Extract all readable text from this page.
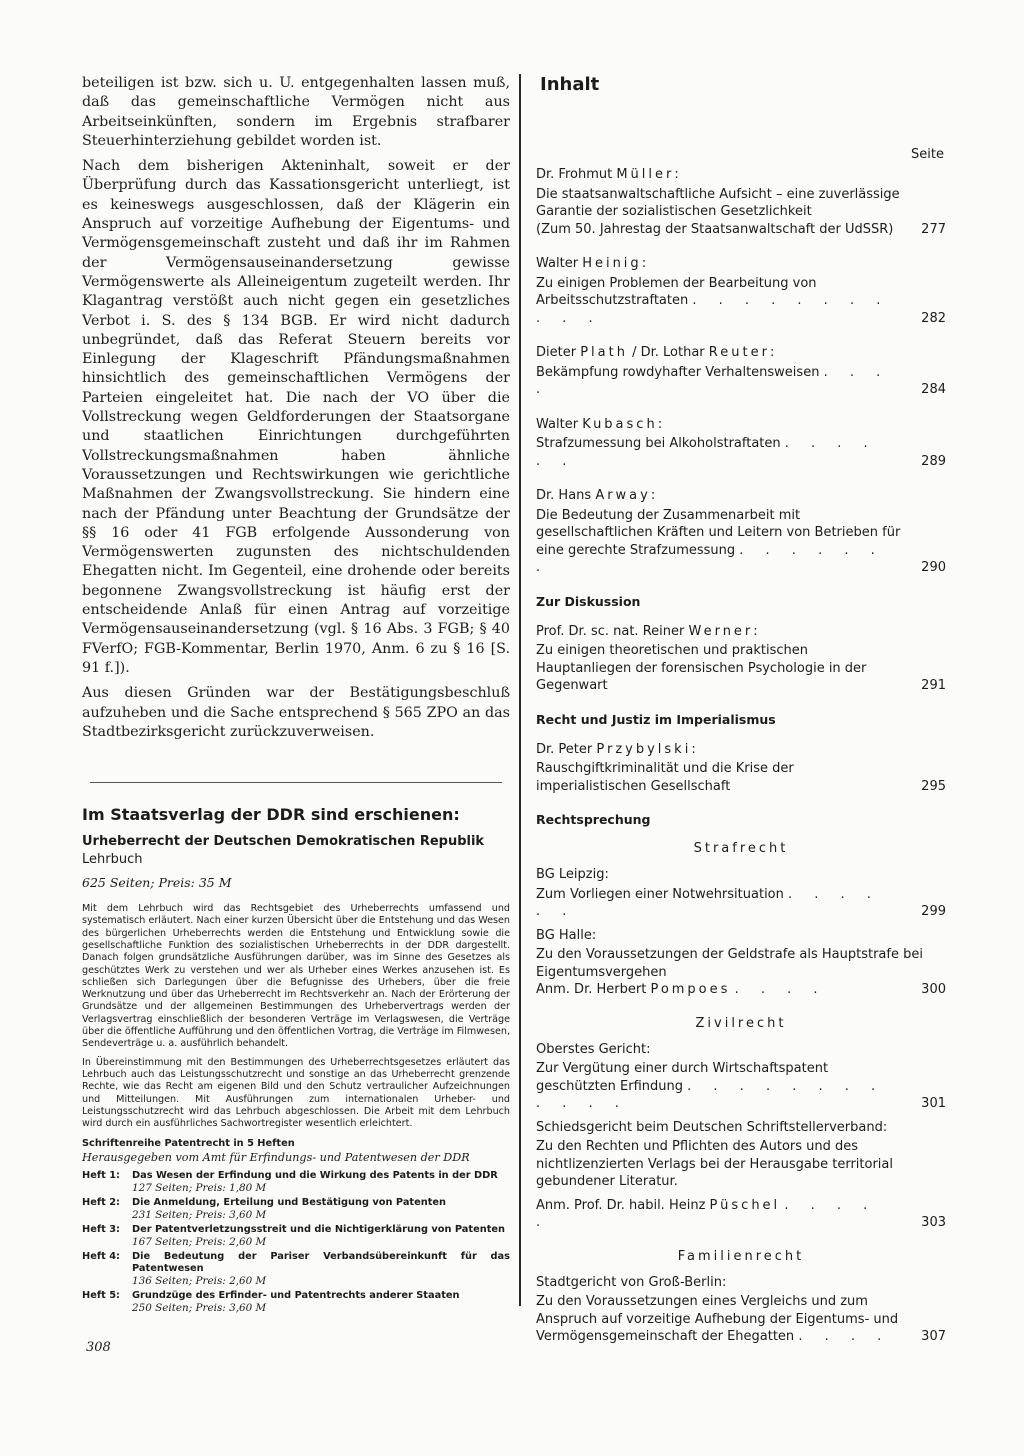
beteiligen ist bzw. sich u. U. entgegenhalten lassen muß, daß das gemeinschaftliche Vermögen nicht aus Arbeitseinkünften, sondern im Ergebnis strafbarer Steuerhinterziehung gebildet worden ist.

Nach dem bisherigen Akteninhalt, soweit er der Überprüfung durch das Kassationsgericht unterliegt, ist es keineswegs ausgeschlossen, daß der Klägerin ein Anspruch auf vorzeitige Aufhebung der Eigentums- und Vermögensgemeinschaft zusteht und daß ihr im Rahmen der Vermögensauseinandersetzung gewisse Vermögenswerte als Alleineigentum zugeteilt werden. Ihr Klagantrag verstößt auch nicht gegen ein gesetzliches Verbot i. S. des § 134 BGB. Er wird nicht dadurch unbegründet, daß das Referat Steuern bereits vor Einlegung der Klageschrift Pfändungsmaßnahmen hinsichtlich des gemeinschaftlichen Vermögens der Parteien eingeleitet hat. Die nach der VO über die Vollstreckung wegen Geldforderungen der Staatsorgane und staatlichen Einrichtungen durchgeführten Vollstreckungsmaßnahmen haben ähnliche Voraussetzungen und Rechtswirkungen wie gerichtliche Maßnahmen der Zwangsvollstreckung. Sie hindern eine nach der Pfändung unter Beachtung der Grundsätze der §§ 16 oder 41 FGB erfolgende Aussonderung von Vermögenswerten zugunsten des nichtschuldenden Ehegatten nicht. Im Gegenteil, eine drohende oder bereits begonnene Zwangsvollstreckung ist häufig erst der entscheidende Anlaß für einen Antrag auf vorzeitige Vermögensauseinandersetzung (vgl. § 16 Abs. 3 FGB; § 40 FVerfO; FGB-Kommentar, Berlin 1970, Anm. 6 zu § 16 [S. 91 f.]).

Aus diesen Gründen war der Bestätigungsbeschluß aufzuheben und die Sache entsprechend § 565 ZPO an das Stadtbezirksgericht zurückzuverweisen.

Im Staatsverlag der DDR sind erschienen:
Urheberrecht der Deutschen Demokratischen Republik
Lehrbuch
625 Seiten; Preis: 35 M
Mit dem Lehrbuch wird das Rechtsgebiet des Urheberrechts umfassend und systematisch erläutert. Nach einer kurzen Übersicht über die Entstehung und das Wesen des bürgerlichen Urheberrechts werden die Entstehung und Entwicklung sowie die gesellschaftliche Funktion des sozialistischen Urheberrechts in der DDR dargestellt. Danach folgen grundsätzliche Ausführungen darüber, was im Sinne des Gesetzes als geschütztes Werk zu verstehen und wer als Urheber eines Werkes anzusehen ist. Es schließen sich Darlegungen über die Befugnisse des Urhebers, über die freie Werknutzung und über das Urheberrecht im Rechtsverkehr an. Nach der Erörterung der Grundsätze und der allgemeinen Bestimmungen des Urhebervertrags werden der Verlagsvertrag einschließlich der besonderen Verträge im Verlagswesen, die Verträge über die öffentliche Aufführung und den öffentlichen Vortrag, die Verträge im Filmwesen, Sendeverträge u. a. ausführlich behandelt.
In Übereinstimmung mit den Bestimmungen des Urheberrechtsgesetzes erläutert das Lehrbuch auch das Leistungsschutzrecht und sonstige an das Urheberrecht grenzende Rechte, wie das Recht am eigenen Bild und den Schutz vertraulicher Aufzeichnungen und Mitteilungen. Mit Ausführungen zum internationalen Urheber- und Leistungsschutzrecht wird das Lehrbuch abgeschlossen. Die Arbeit mit dem Lehrbuch wird durch ein ausführliches Sachwortregister wesentlich erleichtert.
Schriftenreihe Patentrecht in 5 Heften
Herausgegeben vom Amt für Erfindungs- und Patentwesen der DDR
Heft 1:	Das Wesen der Erfindung und die Wirkung des Patents in der DDR
127 Seiten; Preis: 1,80 M
Heft 2:	Die Anmeldung, Erteilung und Bestätigung von Patenten
231 Seiten; Preis: 3,60 M
Heft 3:	Der Patentverletzungsstreit und die Nichtigerklärung von Patenten
167 Seiten; Preis: 2,60 M
Heft 4:	Die Bedeutung der Pariser Verbandsübereinkunft für das Patentwesen
136 Seiten; Preis: 2,60 M
Heft 5:	Grundzüge des Erfinder- und Patentrechts anderer Staaten
250 Seiten; Preis: 3,60 M
308
Inhalt
Seite
Dr. Frohmut Müller:
Die staatsanwaltschaftliche Aufsicht – eine zuverlässige Garantie der sozialistischen Gesetzlichkeit
(Zum 50. Jahrestag der Staatsanwaltschaft der UdSSR)	277
Walter Heinig:
Zu einigen Problemen der Bearbeitung von Arbeitsschutzstraftaten . . . . . . . . . . .	282
Dieter Plath / Dr. Lothar Reuter:
Bekämpfung rowdyhafter Verhaltensweisen . . . .	284
Walter Kubasch:
Strafzumessung bei Alkoholstraftaten . . . . . .	289
Dr. Hans Arway:
Die Bedeutung der Zusammenarbeit mit gesellschaftlichen Kräften und Leitern von Betrieben für eine gerechte Strafzumessung . . . . . . .	290
Zur Diskussion
Prof. Dr. sc. nat. Reiner Werner:
Zu einigen theoretischen und praktischen Hauptanliegen der forensischen Psychologie in der Gegenwart	291
Recht und Justiz im Imperialismus
Dr. Peter Przybylski:
Rauschgiftkriminalität und die Krise der imperialistischen Gesellschaft	295
Rechtsprechung
Strafrecht
BG Leipzig:
Zum Vorliegen einer Notwehrsituation . . . . . .	299
BG Halle:
Zu den Voraussetzungen der Geldstrafe als Hauptstrafe bei Eigentumsvergehen
Anm. Dr. Herbert Pompoes . . . .	300
Zivilrecht
Oberstes Gericht:
Zur Vergütung einer durch Wirtschaftspatent geschützten Erfindung . . . . . . . . . . . .	301
Schiedsgericht beim Deutschen Schriftstellerverband:
Zu den Rechten und Pflichten des Autors und des nichtlizenzierten Verlags bei der Herausgabe territorial gebundener Literatur.
Anm. Prof. Dr. habil. Heinz Püschel . . . . .	303
Familienrecht
Stadtgericht von Groß-Berlin:
Zu den Voraussetzungen eines Vergleichs und zum Anspruch auf vorzeitige Aufhebung der Eigentums- und Vermögensgemeinschaft der Ehegatten . . . .	307
